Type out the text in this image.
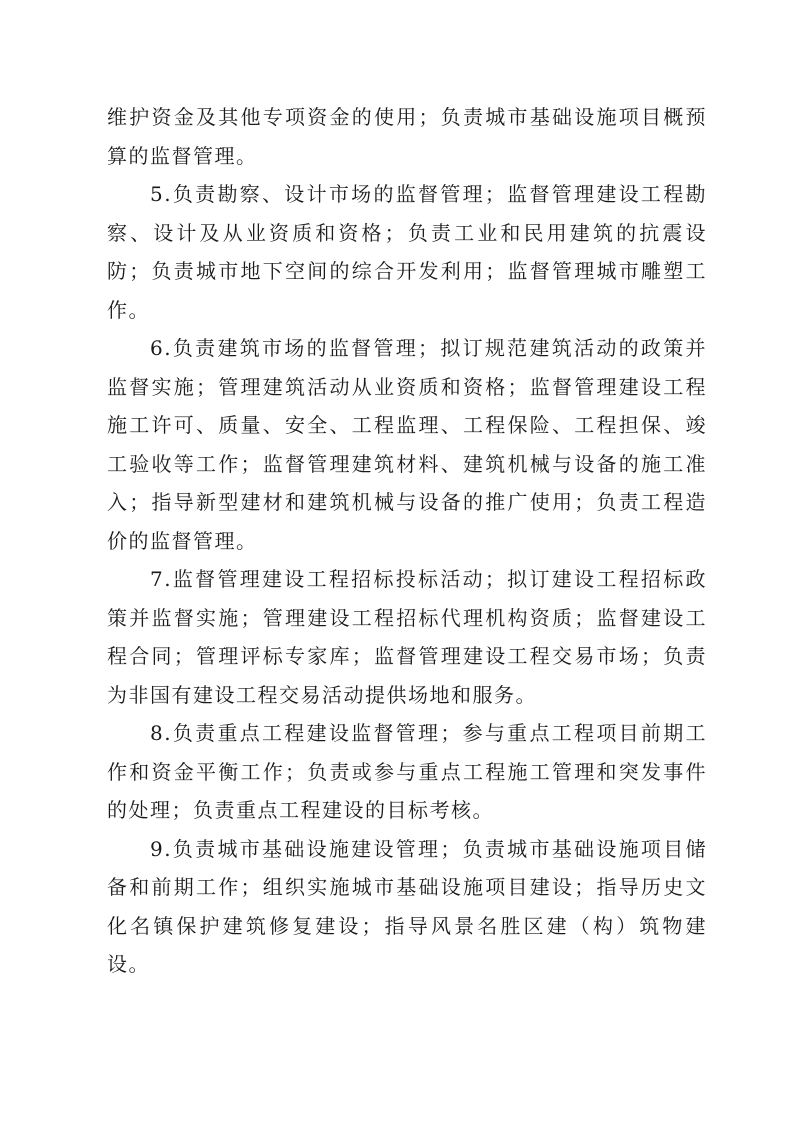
维护资金及其他专项资金的使用；负责城市基础设施项目概预算的监督管理。

5.负责勘察、设计市场的监督管理；监督管理建设工程勘察、设计及从业资质和资格；负责工业和民用建筑的抗震设防；负责城市地下空间的综合开发利用；监督管理城市雕塑工作。

6.负责建筑市场的监督管理；拟订规范建筑活动的政策并监督实施；管理建筑活动从业资质和资格；监督管理建设工程施工许可、质量、安全、工程监理、工程保险、工程担保、竣工验收等工作；监督管理建筑材料、建筑机械与设备的施工准入；指导新型建材和建筑机械与设备的推广使用；负责工程造价的监督管理。

7.监督管理建设工程招标投标活动；拟订建设工程招标政策并监督实施；管理建设工程招标代理机构资质；监督建设工程合同；管理评标专家库；监督管理建设工程交易市场；负责为非国有建设工程交易活动提供场地和服务。

8.负责重点工程建设监督管理；参与重点工程项目前期工作和资金平衡工作；负责或参与重点工程施工管理和突发事件的处理；负责重点工程建设的目标考核。

9.负责城市基础设施建设管理；负责城市基础设施项目储备和前期工作；组织实施城市基础设施项目建设；指导历史文化名镇保护建筑修复建设；指导风景名胜区建（构）筑物建设。
